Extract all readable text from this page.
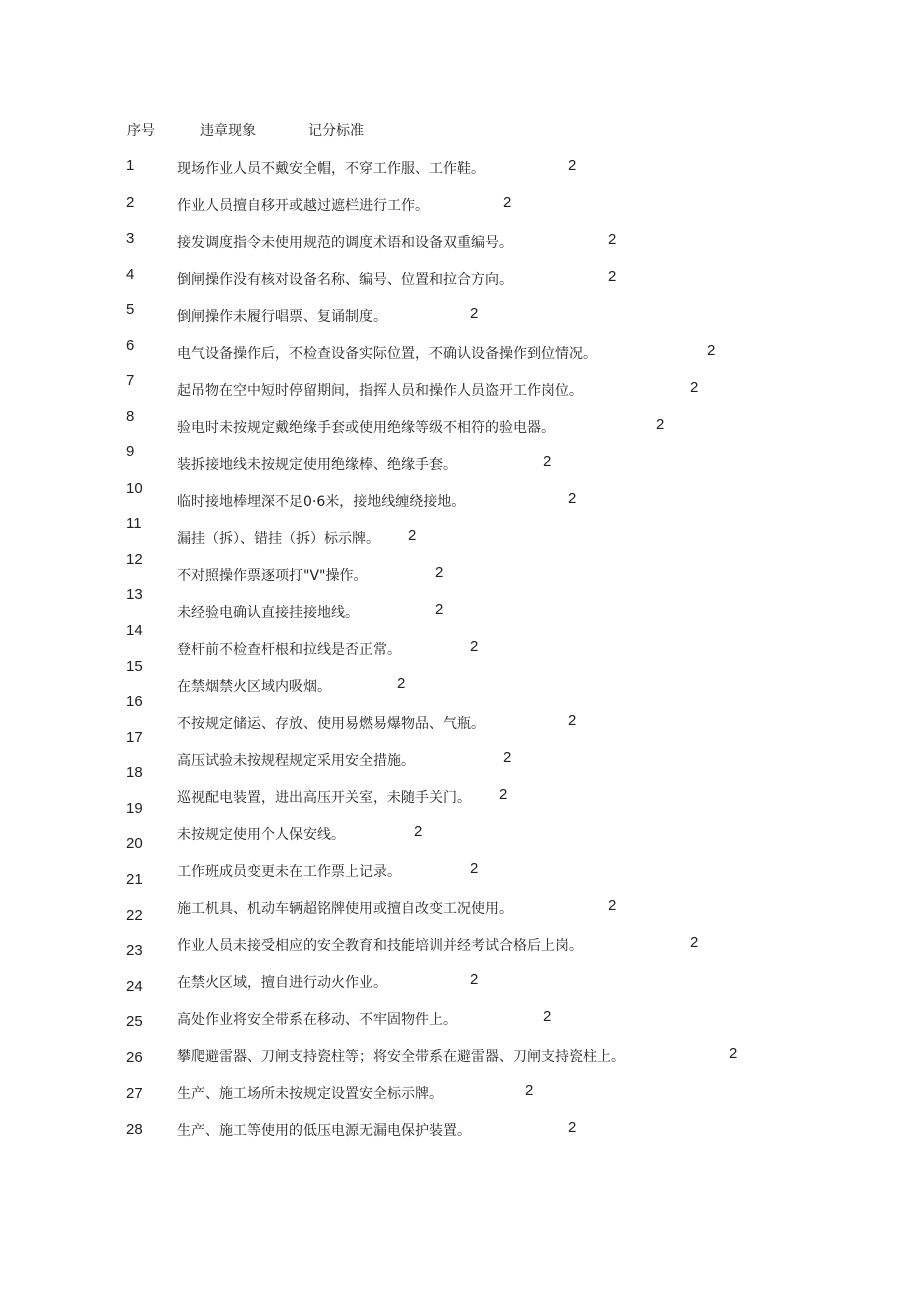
序号	违章现象	记分标准
1
2
3
4
5
6
7
8
9
10
11
12
13
14
15
16
17
18
19
20
21
22
23
24
25
26
27
28
现场作业人员不戴安全帽，不穿工作服、工作鞋。
作业人员擅自移开或越过遮栏进行工作。
接发调度指令未使用规范的调度术语和设备双重编号。
倒闸操作没有核对设备名称、编号、位置和拉合方向。
倒闸操作未履行唱票、复诵制度。
电气设备操作后，不检查设备实际位置，不确认设备操作到位情况。
起吊物在空中短时停留期间，指挥人员和操作人员盗开工作岗位。
验电时未按规定戴绝缘手套或使用绝缘等级不相符的验电器。
装拆接地线未按规定使用绝缘棒、绝缘手套。
临时接地棒埋深不足0·6米，接地线缠绕接地。
漏挂（拆）、错挂（拆）标示牌。
不对照操作票逐项打"V"操作。
未经验电确认直接挂接地线。
登杆前不检查杆根和拉线是否正常。
在禁烟禁火区域内吸烟。
不按规定储运、存放、使用易燃易爆物品、气瓶。
高压试验未按规程规定采用安全措施。
巡视配电装置，进出高压开关室，未随手关门。
未按规定使用个人保安线。
工作班成员变更未在工作票上记录。
施工机具、机动车辆超铭牌使用或擅自改变工况使用。
作业人员未接受相应的安全教育和技能培训并经考试合格后上岗。
在禁火区域，擅自进行动火作业。
高处作业将安全带系在移动、不牢固物件上。
攀爬避雷器、刀闸支持瓷柱等；将安全带系在避雷器、刀闸支持瓷柱上。
生产、施工场所未按规定设置安全标示牌。
生产、施工等使用的低压电源无漏电保护装置。
2
2
2
2
2
2
2
2
2
2
2
2
2
2
2
2
2
2
2
2
2
2
2
2
2
2
2
